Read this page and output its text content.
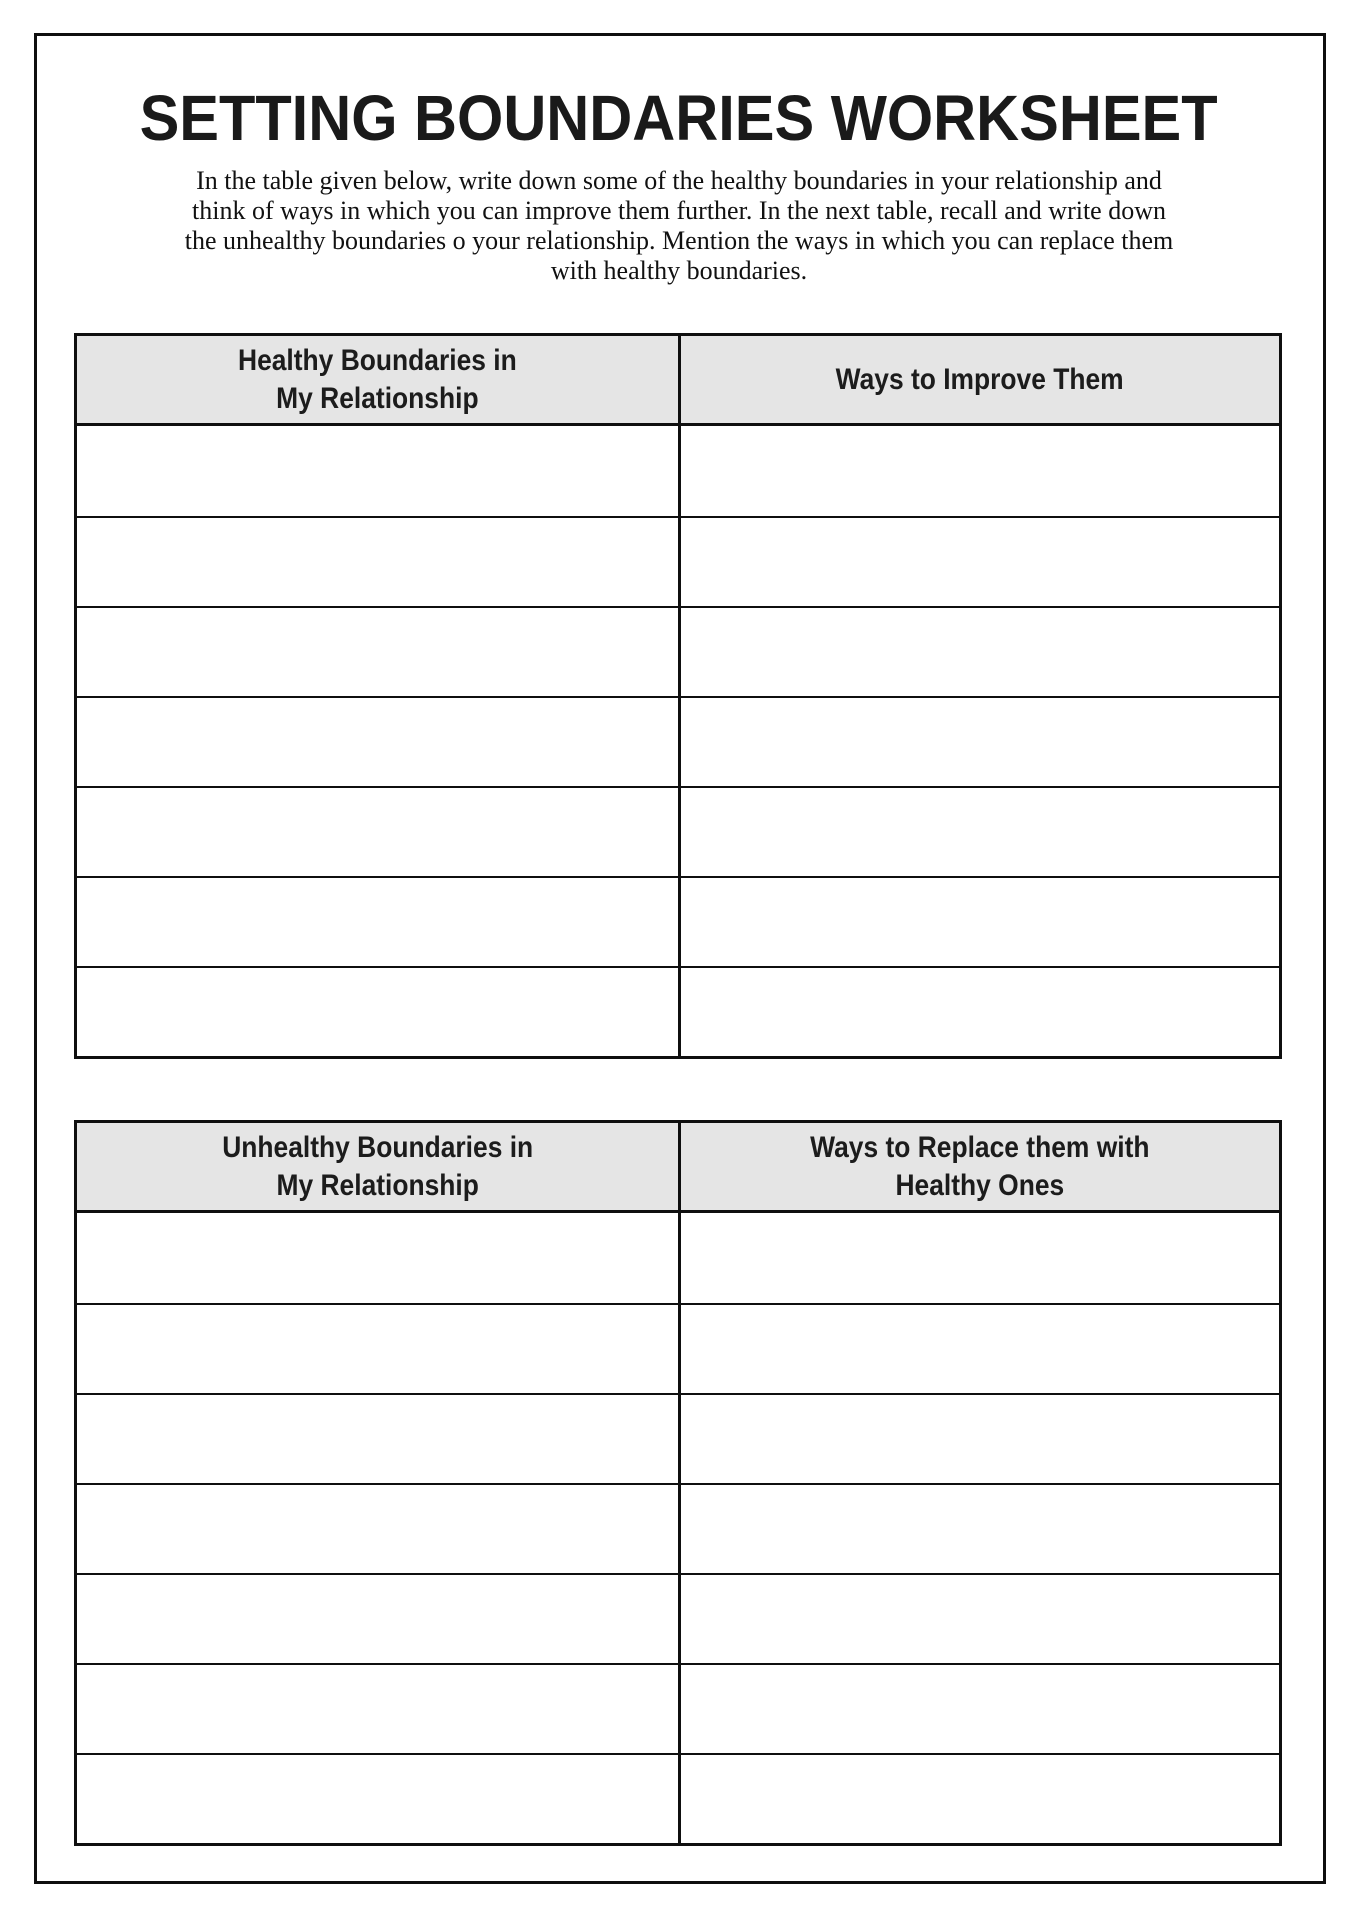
SETTING BOUNDARIES WORKSHEET
In the table given below, write down some of the healthy boundaries in your relationship and
think of ways in which you can improve them further. In the next table, recall and write down
the unhealthy boundaries o your relationship. Mention the ways in which you can replace them
with healthy boundaries.
Healthy Boundaries in
My Relationship
Ways to Improve Them
Unhealthy Boundaries in
My Relationship
Ways to Replace them with
Healthy Ones
